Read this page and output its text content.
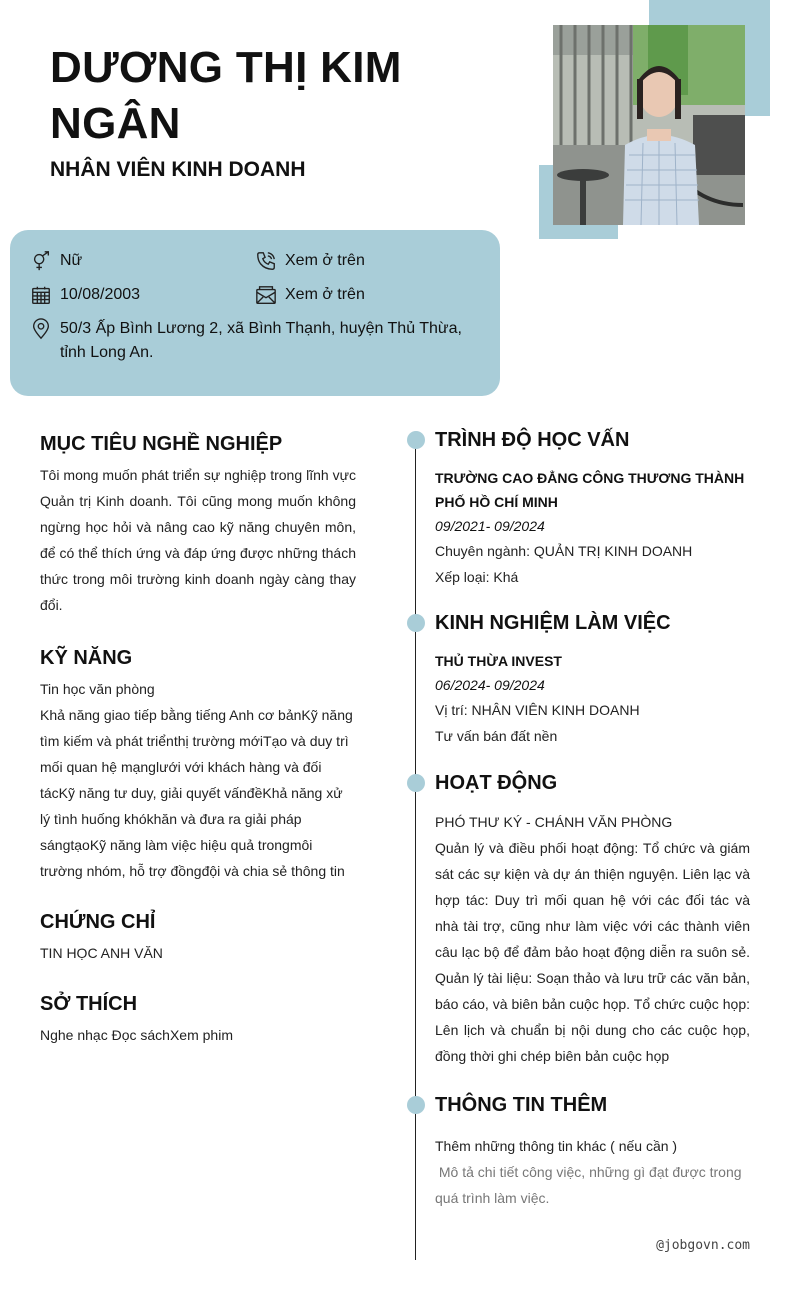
DƯƠNG THỊ KIM NGÂN
NHÂN VIÊN KINH DOANH
Nữ	Xem ở trên
10/08/2003	Xem ở trên
50/3 Ấp Bình Lương 2, xã Bình Thạnh, huyện Thủ Thừa, tỉnh Long An.
MỤC TIÊU NGHỀ NGHIỆP
Tôi mong muốn phát triển sự nghiệp trong lĩnh vực Quản trị Kinh doanh. Tôi cũng mong muốn không ngừng học hỏi và nâng cao kỹ năng chuyên môn, để có thể thích ứng và đáp ứng được những thách thức trong môi trường kinh doanh ngày càng thay đổi.
KỸ NĂNG
Tin học văn phòng
Khả năng giao tiếp bằng tiếng Anh cơ bảnKỹ năng tìm kiếm và phát triểnthị trường mớiTạo và duy trì mối quan hệ mạnglưới với khách hàng và đối tácKỹ năng tư duy, giải quyết vấnđềKhả năng xử lý tình huống khókhăn và đưa ra giải pháp sángtạoKỹ năng làm việc hiệu quả trongmôi trường nhóm, hỗ trợ đồngđội và chia sẻ thông tin
CHỨNG CHỈ
TIN HỌC ANH VĂN
SỞ THÍCH
Nghe nhạc Đọc sáchXem phim
TRÌNH ĐỘ HỌC VẤN
TRƯỜNG CAO ĐẲNG CÔNG THƯƠNG THÀNH PHỐ HỒ CHÍ MINH
09/2021- 09/2024
Chuyên ngành: QUẢN TRỊ KINH DOANH
Xếp loại: Khá
KINH NGHIỆM LÀM VIỆC
THỦ THỪA INVEST
06/2024- 09/2024
Vị trí: NHÂN VIÊN KINH DOANH
Tư vấn bán đất nền
HOẠT ĐỘNG
PHÓ THƯ KÝ - CHÁNH VĂN PHÒNG
Quản lý và điều phối hoạt động: Tổ chức và giám sát các sự kiện và dự án thiện nguyện. Liên lạc và hợp tác: Duy trì mối quan hệ với các đối tác và nhà tài trợ, cũng như làm việc với các thành viên câu lạc bộ để đảm bảo hoạt động diễn ra suôn sẻ. Quản lý tài liệu: Soạn thảo và lưu trữ các văn bản, báo cáo, và biên bản cuộc họp. Tổ chức cuộc họp: Lên lịch và chuẩn bị nội dung cho các cuộc họp, đồng thời ghi chép biên bản cuộc họp
THÔNG TIN THÊM
Thêm những thông tin khác ( nếu cần )
Mô tả chi tiết công việc, những gì đạt được trong quá trình làm việc.
@jobgovn.com
